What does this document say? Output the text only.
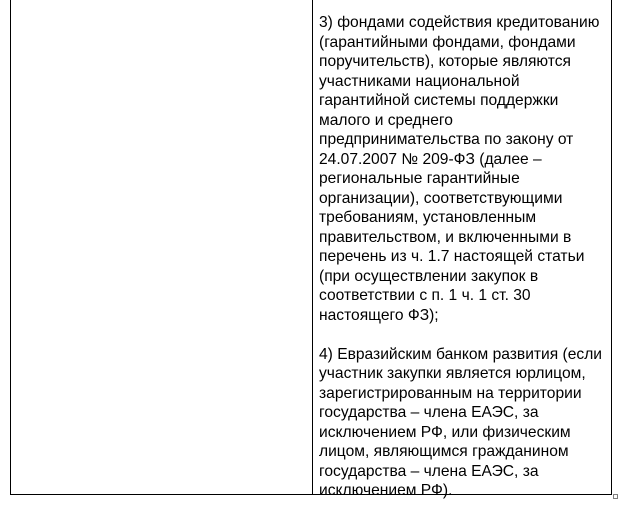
3) фондами содействия кредитованию
(гарантийными фондами, фондами
поручительств), которые являются
участниками национальной
гарантийной системы поддержки
малого и среднего
предпринимательства по закону от
24.07.2007 № 209-ФЗ (далее –
региональные гарантийные
организации), соответствующими
требованиям, установленным
правительством, и включенными в
перечень из ч. 1.7 настоящей статьи
(при осуществлении закупок в
соответствии с п. 1 ч. 1 ст. 30
настоящего ФЗ);

4) Евразийским банком развития (если
участник закупки является юрлицом,
зарегистрированным на территории
государства – члена ЕАЭС, за
исключением РФ, или физическим
лицом, являющимся гражданином
государства – члена ЕАЭС, за
исключением РФ).
